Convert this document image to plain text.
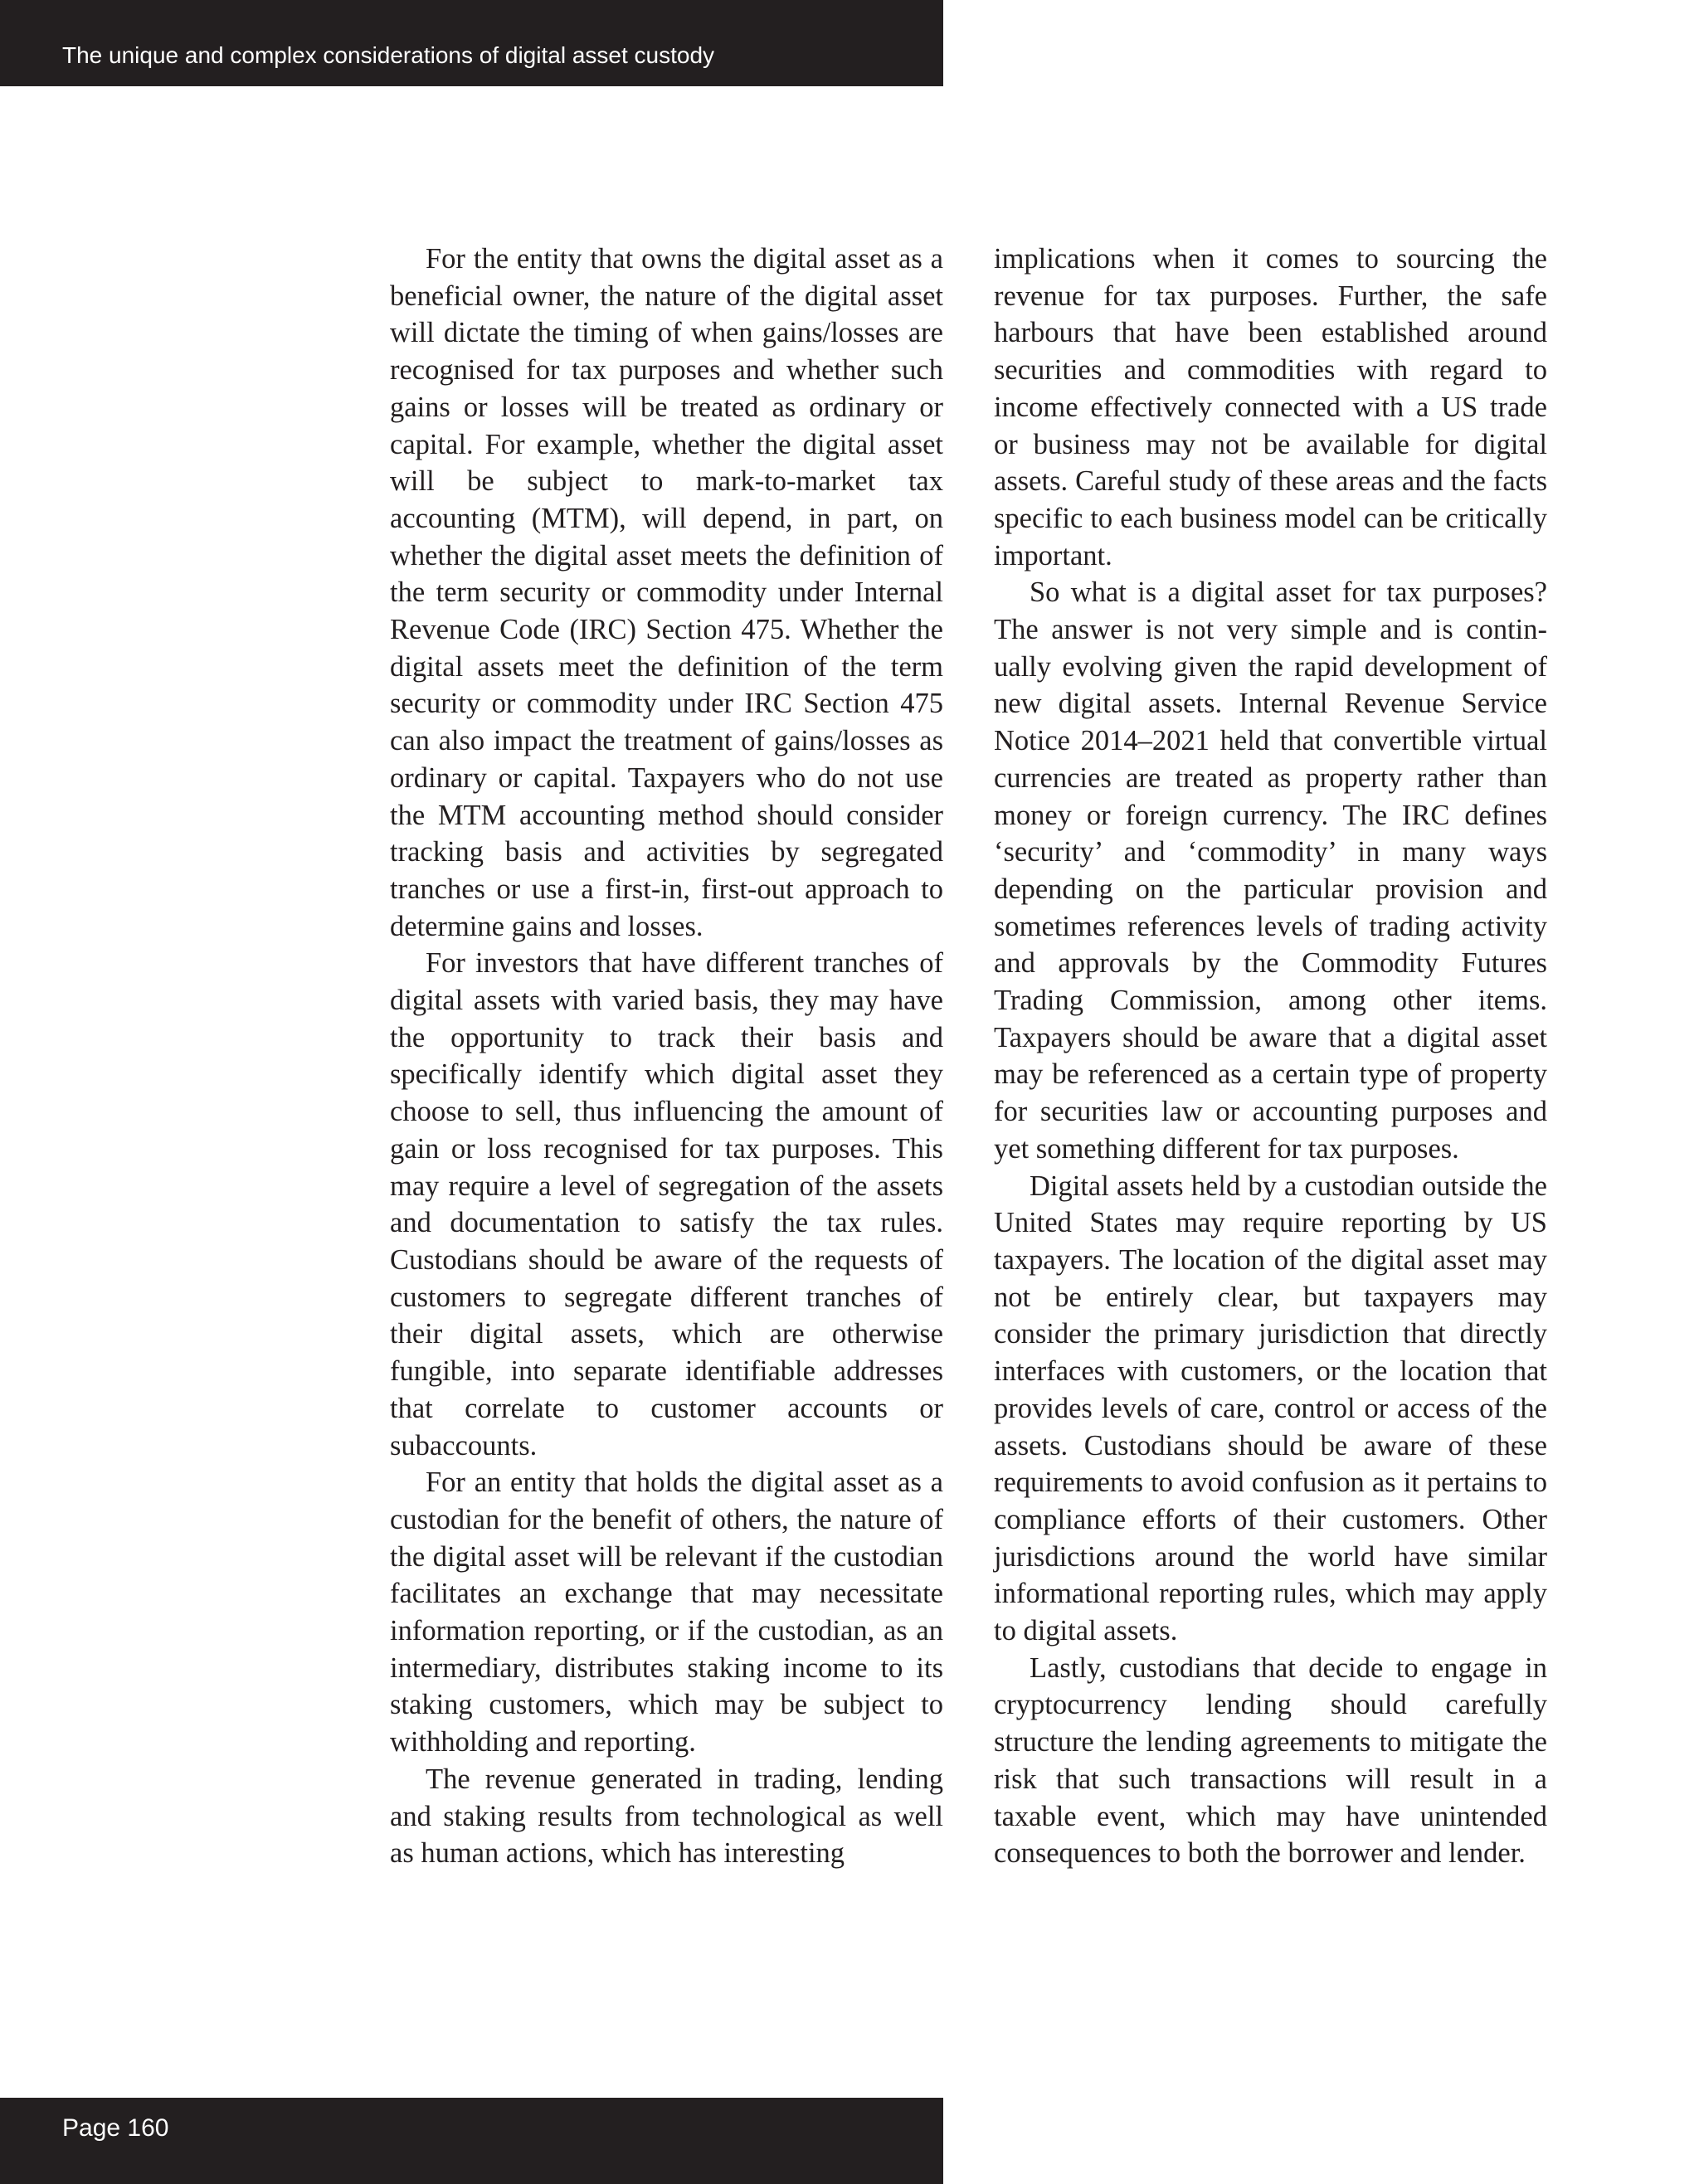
The unique and complex considerations of digital asset custody

For the entity that owns the digital asset as a beneficial owner, the nature of the digital asset will dictate the timing of when gains/losses are recognised for tax purposes and whether such gains or losses will be treated as ordinary or capital. For example, whether the digital asset will be subject to mark-to-market tax accounting (MTM), will depend, in part, on whether the digital asset meets the definition of the term security or commodity under Internal Revenue Code (IRC) Section 475. Whether the digital assets meet the definition of the term security or commodity under IRC Section 475 can also impact the treatment of gains/losses as ordinary or capital. Taxpayers who do not use the MTM accounting method should consider tracking basis and activities by segregated tranches or use a first-in, first-out approach to determine gains and losses.

For investors that have different tranches of digital assets with varied basis, they may have the opportunity to track their basis and specifically identify which digital asset they choose to sell, thus influencing the amount of gain or loss recognised for tax purposes. This may require a level of segregation of the assets and documentation to satisfy the tax rules. Custodians should be aware of the requests of customers to segregate different tranches of their digital assets, which are otherwise fungible, into separate identifiable addresses that correlate to customer accounts or subaccounts.

For an entity that holds the digital asset as a custodian for the benefit of others, the nature of the digital asset will be relevant if the custodian facilitates an exchange that may necessitate information reporting, or if the custodian, as an intermediary, distributes staking income to its staking customers, which may be subject to withholding and reporting.

The revenue generated in trading, lending and staking results from technological as well as human actions, which has interesting

implications when it comes to sourcing the revenue for tax purposes. Further, the safe harbours that have been established around securities and commodities with regard to income effectively connected with a US trade or business may not be available for digital assets. Careful study of these areas and the facts specific to each business model can be critically important.

So what is a digital asset for tax purposes? The answer is not very simple and is continually evolving given the rapid development of new digital assets. Internal Revenue Service Notice 2014–2021 held that convertible virtual currencies are treated as property rather than money or foreign currency. The IRC defines ‘security’ and ‘commodity’ in many ways depending on the particular provision and sometimes references levels of trading activity and approvals by the Commodity Futures Trading Commission, among other items. Taxpayers should be aware that a digital asset may be referenced as a certain type of property for securities law or accounting purposes and yet something different for tax purposes.

Digital assets held by a custodian outside the United States may require reporting by US taxpayers. The location of the digital asset may not be entirely clear, but taxpayers may consider the primary jurisdiction that directly interfaces with customers, or the location that provides levels of care, control or access of the assets. Custodians should be aware of these requirements to avoid confusion as it pertains to compliance efforts of their customers. Other jurisdictions around the world have similar informational reporting rules, which may apply to digital assets.

Lastly, custodians that decide to engage in cryptocurrency lending should carefully structure the lending agreements to mitigate the risk that such transactions will result in a taxable event, which may have unintended consequences to both the borrower and lender.

Page 160
